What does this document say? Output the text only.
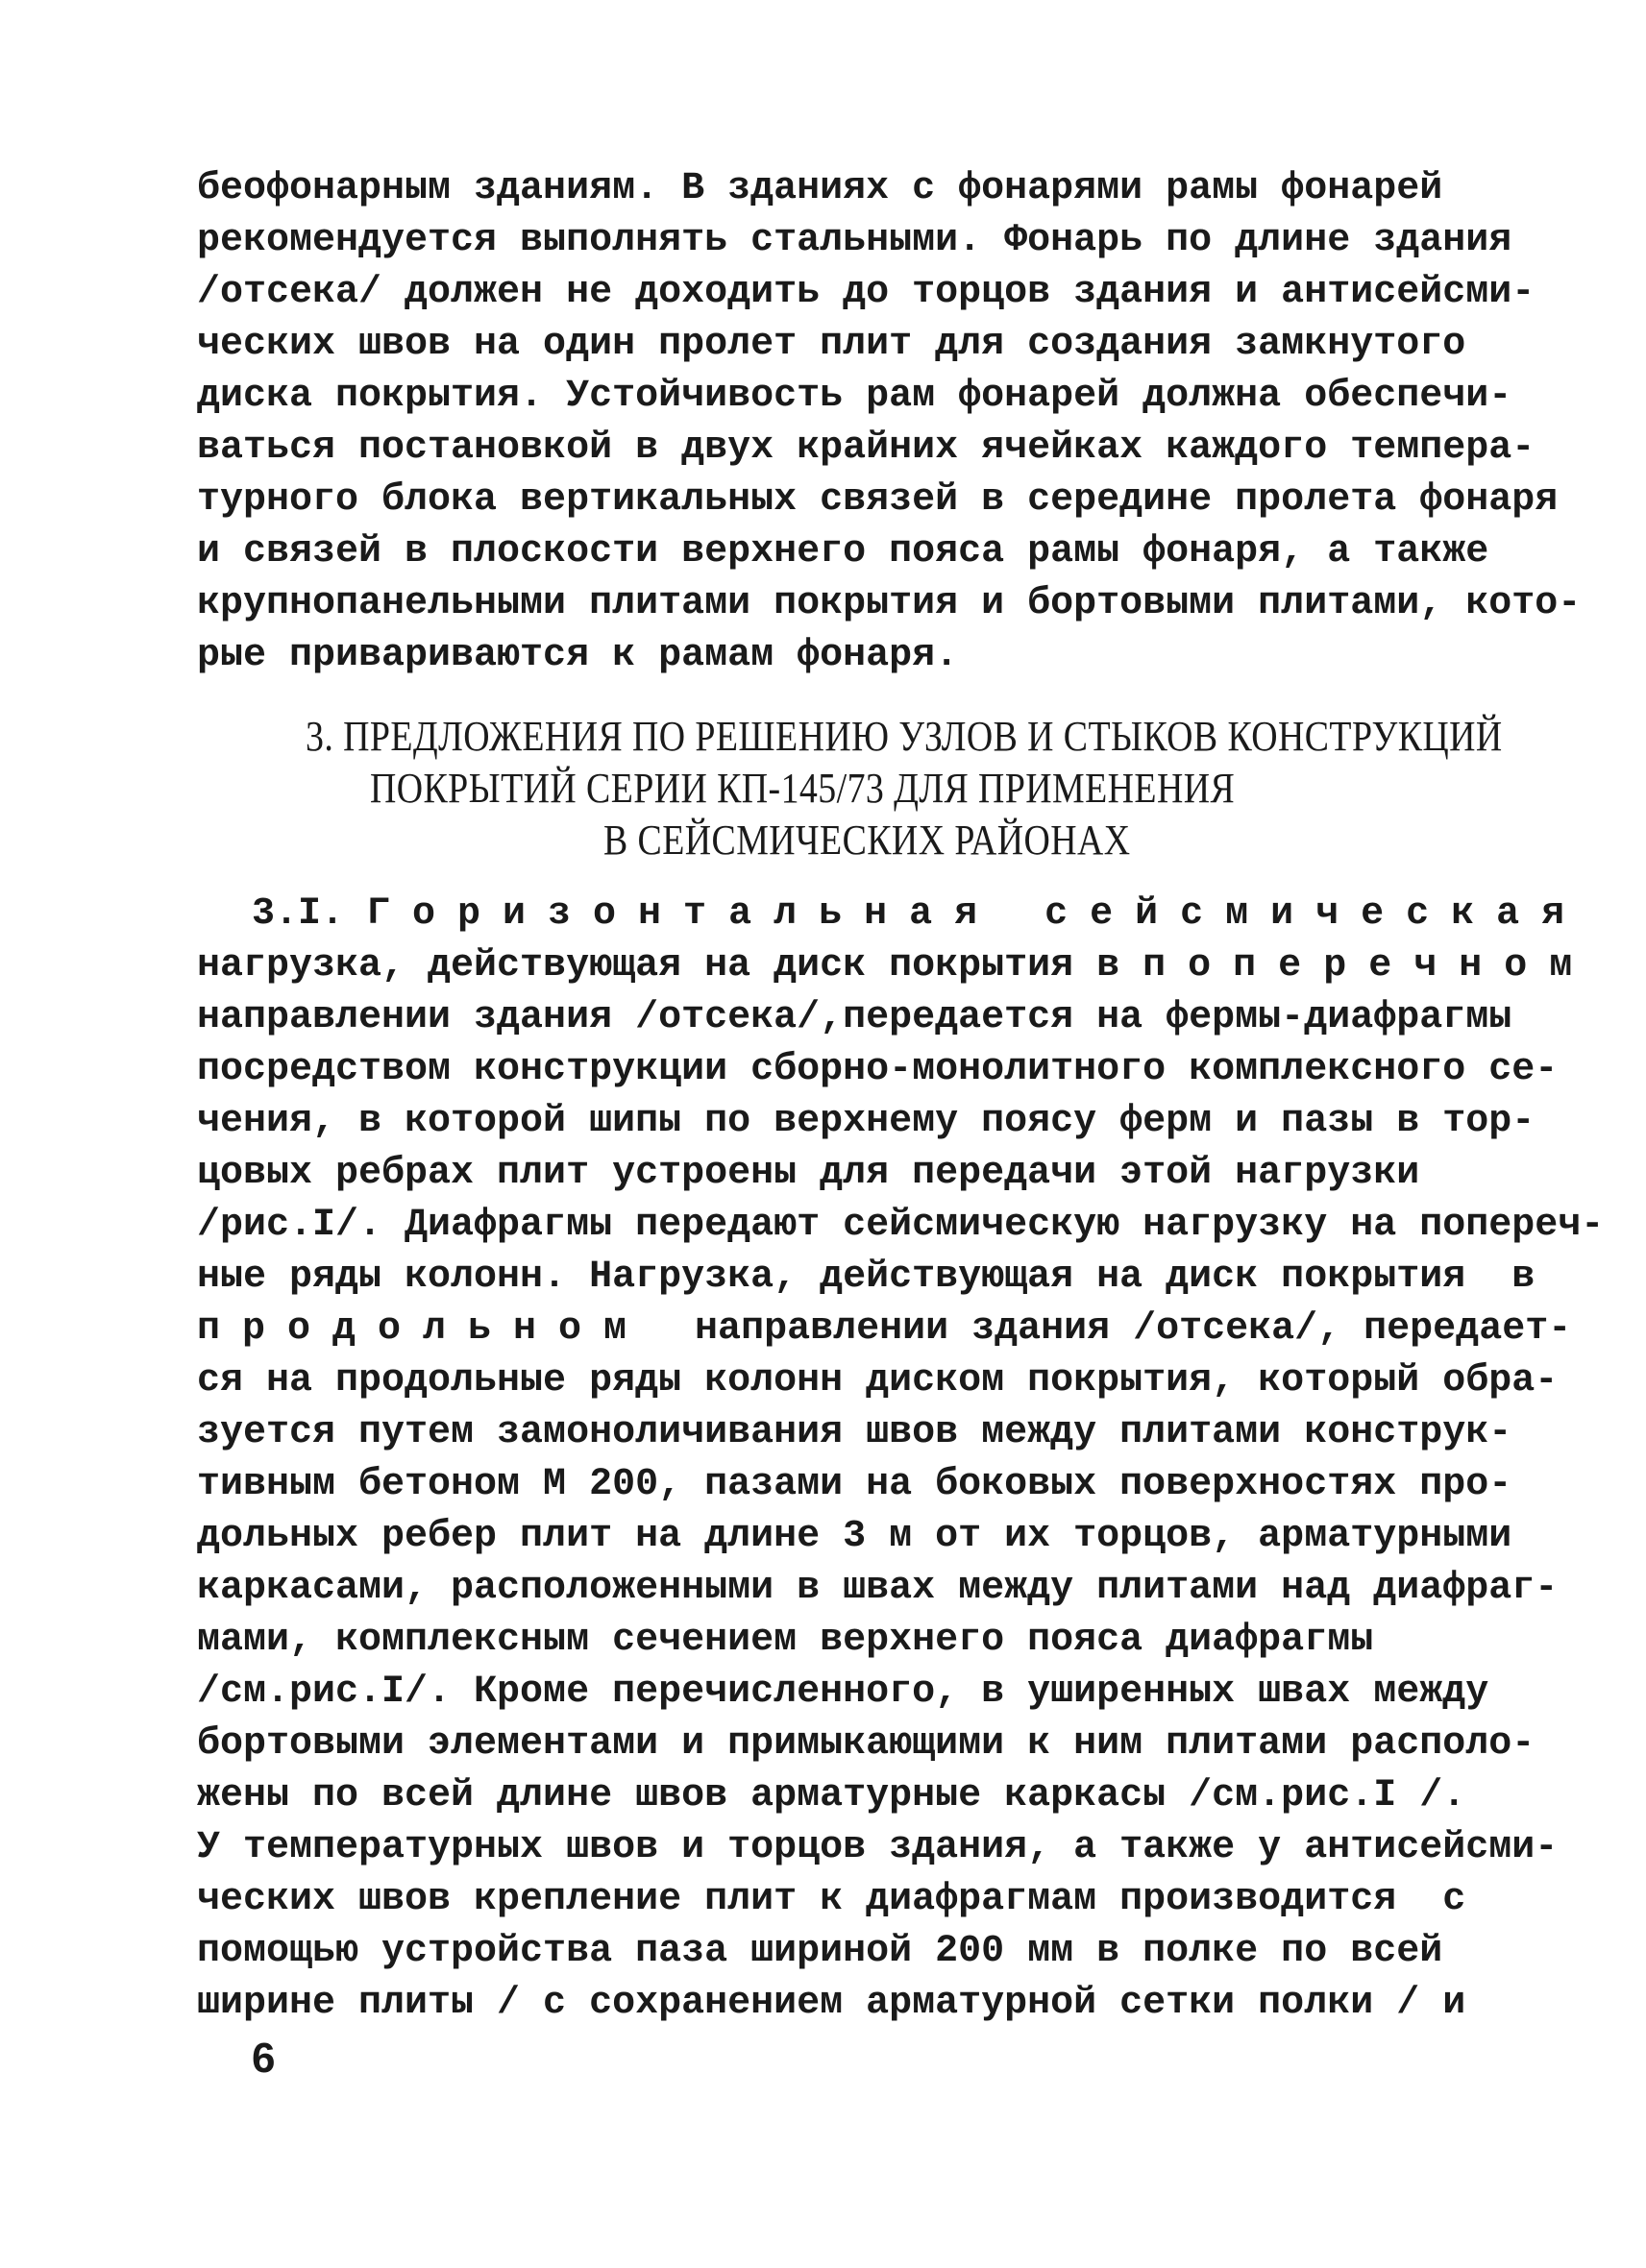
беофонарным зданиям. В зданиях с фонарями рамы фонарей
рекомендуется выполнять стальными. Фонарь по длине здания
/отсека/ должен не доходить до торцов здания и антисейсми-
ческих швов на один пролет плит для создания замкнутого
диска покрытия. Устойчивость рам фонарей должна обеспечи-
ваться постановкой в двух крайних ячейках каждого темпера-
турного блока вертикальных связей в середине пролета фонаря
и связей в плоскости верхнего пояса рамы фонаря, а также
крупнопанельными плитами покрытия и бортовыми плитами, кото-
рые привариваются к рамам фонаря.
3. ПРЕДЛОЖЕНИЯ ПО РЕШЕНИЮ УЗЛОВ И СТЫКОВ КОНСТРУКЦИЙ
ПОКРЫТИЙ СЕРИИ КП-145/73 ДЛЯ ПРИМЕНЕНИЯ
В СЕЙСМИЧЕСКИХ РАЙОНАХ
3.I. Горизонтальная сейсмическая
нагрузка, действующая на диск покрытия в поперечном
направлении здания /отсека/,передается на фермы-диафрагмы
посредством конструкции сборно-монолитного комплексного се-
чения, в которой шипы по верхнему поясу ферм и пазы в тор-
цовых ребрах плит устроены для передачи этой нагрузки
/рис.I/. Диафрагмы передают сейсмическую нагрузку на попереч-
ные ряды колонн. Нагрузка, действующая на диск покрытия  в
продольном  направлении здания /отсека/, передает-
ся на продольные ряды колонн диском покрытия, который обра-
зуется путем замоноличивания швов между плитами конструк-
тивным бетоном М 200, пазами на боковых поверхностях про-
дольных ребер плит на длине 3 м от их торцов, арматурными
каркасами, расположенными в швах между плитами над диафраг-
мами, комплексным сечением верхнего пояса диафрагмы
/см.рис.I/. Кроме перечисленного, в уширенных швах между
бортовыми элементами и примыкающими к ним плитами располо-
жены по всей длине швов арматурные каркасы /см.рис.I /.
У температурных швов и торцов здания, а также у антисейсми-
ческих швов крепление плит к диафрагмам производится  с
помощью устройства паза шириной 200 мм в полке по всей
ширине плиты / с сохранением арматурной сетки полки / и
6
